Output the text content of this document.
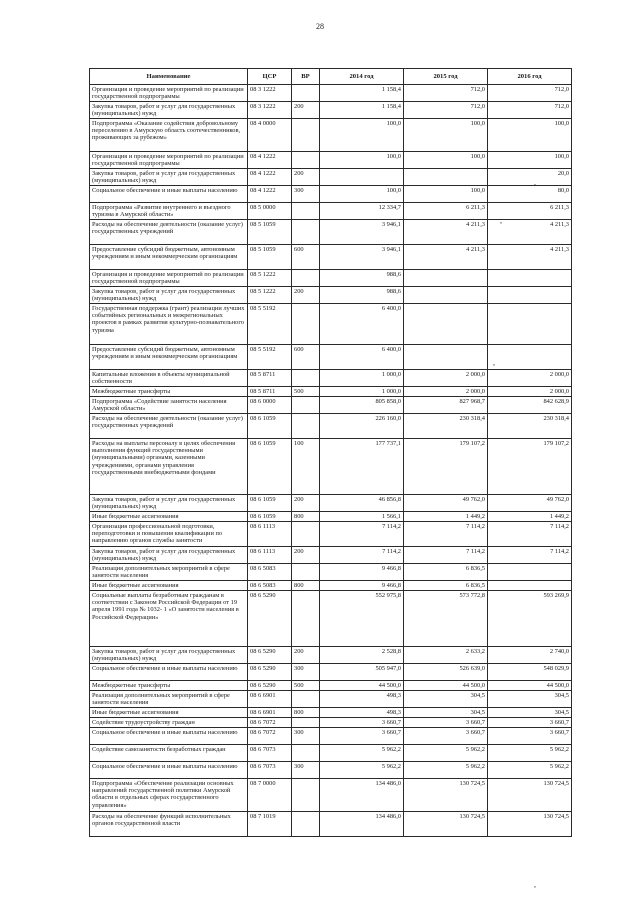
28
Наименование	ЦСР	ВР	2014 год	2015 год	2016 год
Организация и проведение мероприятий по реализации государственной подпрограммы	08 3 1222		1 158,4	712,0	712,0
Закупка товаров, работ и услуг для государственных (муниципальных) нужд	08 3 1222	200	1 158,4	712,0	712,0
Подпрограмма «Оказание содействия добровольному переселению в Амурскую область соотечественников, проживающих за рубежом»	08 4 0000		100,0	100,0	100,0
Организация и проведение мероприятий по реализации государственной подпрограммы	08 4 1222		100,0	100,0	100,0
Закупка товаров, работ и услуг для государственных (муниципальных) нужд	08 4 1222	200			20,0
Социальное обеспечение и иные выплаты населению	08 4 1222	300	100,0	100,0	80,0
Подпрограмма «Развитие внутреннего и въездного туризма в Амурской области»	08 5 0000		12 334,7	6 211,3	6 211,3
Расходы на обеспечение деятельности (оказание услуг) государственных учреждений	08 5 1059		3 946,1	4 211,3	4 211,3
Предоставление субсидий бюджетным, автономным учреждениям и иным некоммерческим организациям	08 5 1059	600	3 946,1	4 211,3	4 211,3
Организация и проведение мероприятий по реализации государственной подпрограммы	08 5 1222		988,6		
Закупка товаров, работ и услуг для государственных (муниципальных) нужд	08 5 1222	200	988,6		
Государственная поддержка (грант) реализации лучших событийных региональных и межрегиональных проектов в рамках развития культурно-познавательного туризма	08 5 5192		6 400,0		
Предоставление субсидий бюджетным, автономным учреждениям и иным некоммерческим организациям	08 5 5192	600	6 400,0		
Капитальные вложения в объекты муниципальной собственности	08 5 8711		1 000,0	2 000,0	2 000,0
Межбюджетные трансферты	08 5 8711	500	1 000,0	2 000,0	2 000,0
Подпрограмма «Содействие занятости населения Амурской области»	08 6 0000		805 858,0	827 968,7	842 628,9
Расходы на обеспечение деятельности (оказание услуг) государственных учреждений	08 6 1059		226 160,0	230 318,4	230 318,4
Расходы на выплаты персоналу в целях обеспечения выполнения функций государственными (муниципальными) органами, казенными учреждениями, органами управления государственными внебюджетными фондами	08 6 1059	100	177 737,1	179 107,2	179 107,2
Закупка товаров, работ и услуг для государственных (муниципальных) нужд	08 6 1059	200	46 856,8	49 762,0	49 762,0
Иные бюджетные ассигнования	08 6 1059	800	1 566,1	1 449,2	1 449,2
Организация профессиональной подготовки, переподготовки и повышения квалификации по направлению органов службы занятости	08 6 1113		7 114,2	7 114,2	7 114,2
Закупка товаров, работ и услуг для государственных (муниципальных) нужд	08 6 1113	200	7 114,2	7 114,2	7 114,2
Реализация дополнительных мероприятий в сфере занятости населения	08 6 5083		9 466,8	6 836,5	
Иные бюджетные ассигнования	08 6 5083	800	9 466,8	6 836,5	
Социальные выплаты безработным гражданам в соответствии с Законом Российской Федерации от 19 апреля 1991 года № 1032- 1 «О занятости населения в Российской Федерации»	08 6 5290		552 975,8	573 772,8	593 269,9
Закупка товаров, работ и услуг для государственных (муниципальных) нужд	08 6 5290	200	2 528,8	2 633,2	2 740,0
Социальное обеспечение и иные выплаты населению	08 6 5290	300	505 947,0	526 639,0	548 029,9
Межбюджетные трансферты	08 6 5290	500	44 500,0	44 500,0	44 500,0
Реализация дополнительных мероприятий в сфере занятости населения	08 6 6901		498,3	304,5	304,5
Иные бюджетные ассигнования	08 6 6901	800	498,3	304,5	304,5
Содействие трудоустройству граждан	08 6 7072		3 660,7	3 660,7	3 660,7
Социальное обеспечение и иные выплаты населению	08 6 7072	300	3 660,7	3 660,7	3 660,7
Содействие самозанятости безработных граждан	08 6 7073		5 962,2	5 962,2	5 962,2
Социальное обеспечение и иные выплаты населению	08 6 7073	300	5 962,2	5 962,2	5 962,2
Подпрограмма «Обеспечение реализации основных направлений государственной политики Амурской области в отдельных сферах государственного управления»	08 7 0000		134 486,0	130 724,5	130 724,5
Расходы на обеспечение функций исполнительных органов государственной власти	08 7 1019		134 486,0	130 724,5	130 724,5
,
,
,
,
